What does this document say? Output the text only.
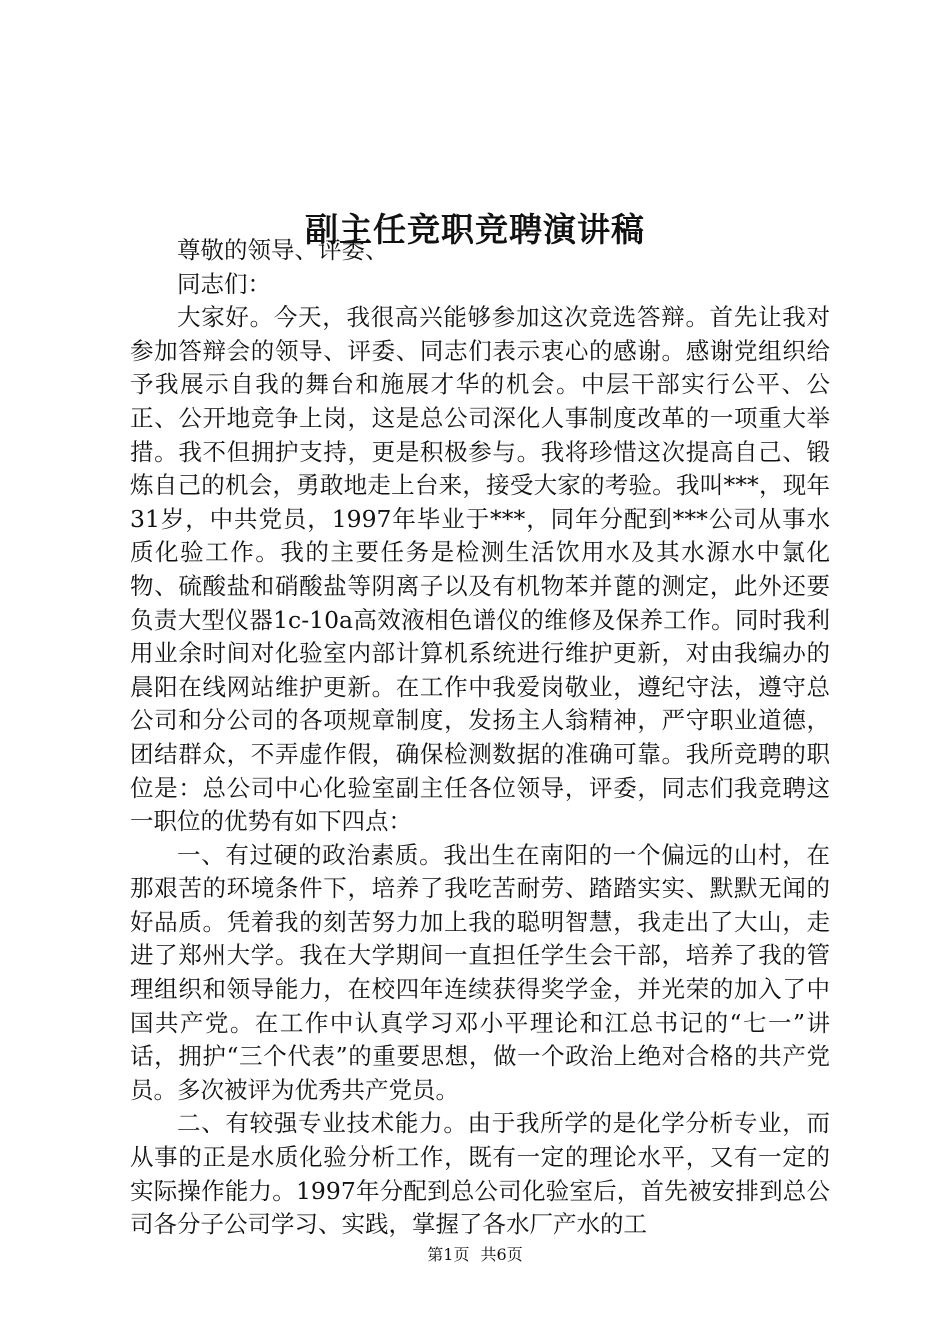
副主任竞职竞聘演讲稿

尊敬的领导、评委、

同志们：

大家好。今天，我很高兴能够参加这次竞选答辩。首先让我对参加答辩会的领导、评委、同志们表示衷心的感谢。感谢党组织给予我展示自我的舞台和施展才华的机会。中层干部实行公平、公正、公开地竞争上岗，这是总公司深化人事制度改革的一项重大举措。我不但拥护支持，更是积极参与。我将珍惜这次提高自己、锻炼自己的机会，勇敢地走上台来，接受大家的考验。我叫***，现年31岁，中共党员，1997年毕业于***，同年分配到***公司从事水质化验工作。我的主要任务是检测生活饮用水及其水源水中氯化物、硫酸盐和硝酸盐等阴离子以及有机物苯并蓖的测定，此外还要负责大型仪器1c-10a高效液相色谱仪的维修及保养工作。同时我利用业余时间对化验室内部计算机系统进行维护更新，对由我编办的晨阳在线网站维护更新。在工作中我爱岗敬业，遵纪守法，遵守总公司和分公司的各项规章制度，发扬主人翁精神，严守职业道德，团结群众，不弄虚作假，确保检测数据的准确可靠。我所竞聘的职位是：总公司中心化验室副主任各位领导，评委，同志们我竞聘这一职位的优势有如下四点：

一、有过硬的政治素质。我出生在南阳的一个偏远的山村，在那艰苦的环境条件下，培养了我吃苦耐劳、踏踏实实、默默无闻的好品质。凭着我的刻苦努力加上我的聪明智慧，我走出了大山，走进了郑州大学。我在大学期间一直担任学生会干部，培养了我的管理组织和领导能力，在校四年连续获得奖学金，并光荣的加入了中国共产党。在工作中认真学习邓小平理论和江总书记的“七一”讲话，拥护“三个代表”的重要思想，做一个政治上绝对合格的共产党员。多次被评为优秀共产党员。

二、有较强专业技术能力。由于我所学的是化学分析专业，而从事的正是水质化验分析工作，既有一定的理论水平，又有一定的实际操作能力。1997年分配到总公司化验室后，首先被安排到总公司各分子公司学习、实践，掌握了各水厂产水的工

第1页 共6页
